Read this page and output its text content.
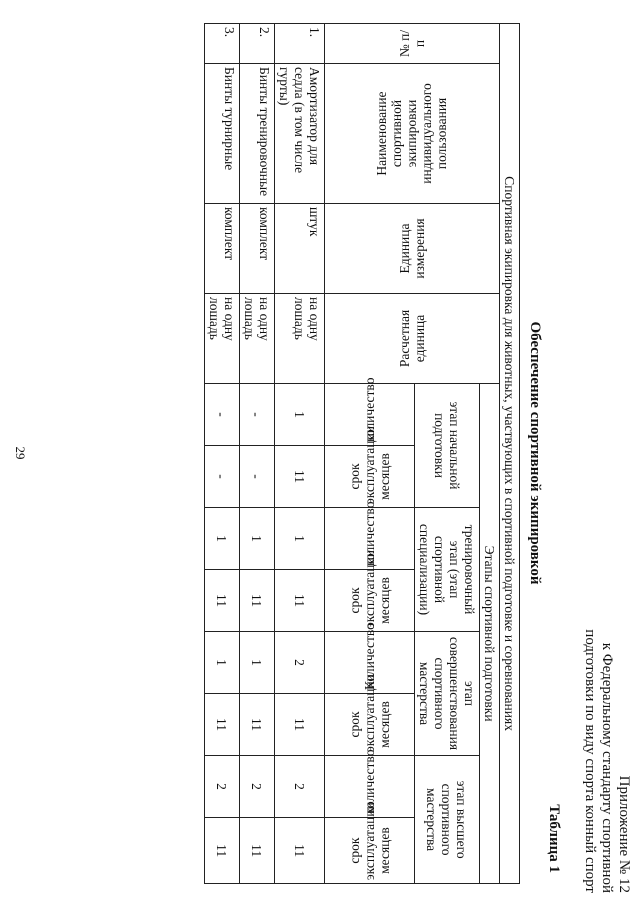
29
Приложение № 12
к Федеральному стандарту спортивной
подготовки по виду спорта конный спорт
Таблица 1
Обеспечение спортивной экипировкой
Спортивная экипировка для животных, участвующих в спортивной подготовке и соревнованиях											

№ п/п	Наименование спортивной экипировки индивидуального пользования	Единица измерения	Расчетная единица	Этапы спортивной подготовки							
				этап начальной подготовки		тренировочный этап (этап спортивной специализации)		этап совершенствования спортивного мастерства		этап высшего спортивного мастерства	

				количество	срок эксплуатации месяцев	количество	срок эксплуатации месяцев	Количество	срок эксплуатации месяцев	количество	срок эксплуатации месяцев

1.	Амортизатор для седла (в том числе гурты)	штук	на одну лошадь	1	11	1	11	2	11	2	11
2.	Бинты тренировочные	комплект	на одну лошадь	-	-	1	11	1	11	2	11
3.	Бинты турнирные	комплект	на одну лошадь	-	-	1	11	1	11	2	11
